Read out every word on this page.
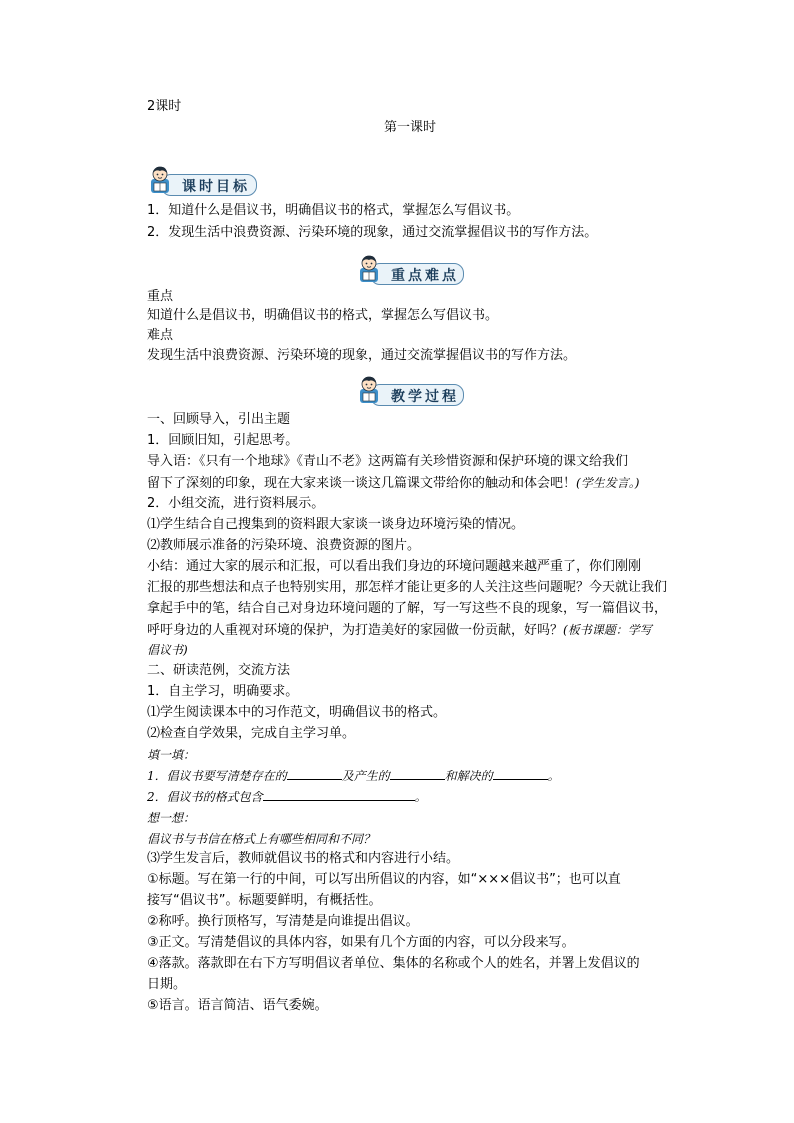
2课时
第一课时
课时目标
1．知道什么是倡议书，明确倡议书的格式，掌握怎么写倡议书。
2．发现生活中浪费资源、污染环境的现象，通过交流掌握倡议书的写作方法。
重点难点
重点
知道什么是倡议书，明确倡议书的格式，掌握怎么写倡议书。
难点
发现生活中浪费资源、污染环境的现象，通过交流掌握倡议书的写作方法。
教学过程
一、回顾导入，引出主题
1．回顾旧知，引起思考。
导入语：《只有一个地球》《青山不老》这两篇有关珍惜资源和保护环境的课文给我们
留下了深刻的印象，现在大家来谈一谈这几篇课文带给你的触动和体会吧！(学生发言。)
2．小组交流，进行资料展示。
⑴学生结合自己搜集到的资料跟大家谈一谈身边环境污染的情况。
⑵教师展示准备的污染环境、浪费资源的图片。
小结：通过大家的展示和汇报，可以看出我们身边的环境问题越来越严重了，你们刚刚
汇报的那些想法和点子也特别实用，那怎样才能让更多的人关注这些问题呢？今天就让我们
拿起手中的笔，结合自己对身边环境问题的了解，写一写这些不良的现象，写一篇倡议书，
呼吁身边的人重视对环境的保护，为打造美好的家园做一份贡献，好吗？(板书课题：学写
倡议书)
二、研读范例，交流方法
1．自主学习，明确要求。
⑴学生阅读课本中的习作范文，明确倡议书的格式。
⑵检查自学效果，完成自主学习单。
填一填：
1．倡议书要写清楚存在的	及产生的	和解决的	。
2．倡议书的格式包含	。
想一想：
倡议书与书信在格式上有哪些相同和不同？
⑶学生发言后，教师就倡议书的格式和内容进行小结。
①标题。写在第一行的中间，可以写出所倡议的内容，如“×××倡议书”；也可以直
接写“倡议书”。标题要鲜明，有概括性。
②称呼。换行顶格写，写清楚是向谁提出倡议。
③正文。写清楚倡议的具体内容，如果有几个方面的内容，可以分段来写。
④落款。落款即在右下方写明倡议者单位、集体的名称或个人的姓名，并署上发倡议的
日期。
⑤语言。语言简洁、语气委婉。
